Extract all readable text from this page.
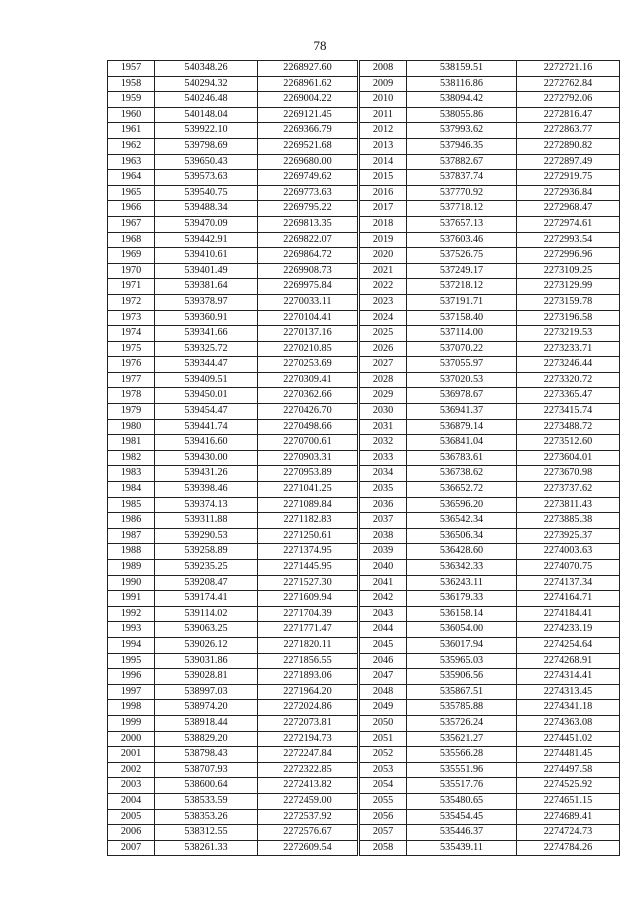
78
1957	540348.26	2268927.60
1958	540294.32	2268961.62
1959	540246.48	2269004.22
1960	540148.04	2269121.45
1961	539922.10	2269366.79
1962	539798.69	2269521.68
1963	539650.43	2269680.00
1964	539573.63	2269749.62
1965	539540.75	2269773.63
1966	539488.34	2269795.22
1967	539470.09	2269813.35
1968	539442.91	2269822.07
1969	539410.61	2269864.72
1970	539401.49	2269908.73
1971	539381.64	2269975.84
1972	539378.97	2270033.11
1973	539360.91	2270104.41
1974	539341.66	2270137.16
1975	539325.72	2270210.85
1976	539344.47	2270253.69
1977	539409.51	2270309.41
1978	539450.01	2270362.66
1979	539454.47	2270426.70
1980	539441.74	2270498.66
1981	539416.60	2270700.61
1982	539430.00	2270903.31
1983	539431.26	2270953.89
1984	539398.46	2271041.25
1985	539374.13	2271089.84
1986	539311.88	2271182.83
1987	539290.53	2271250.61
1988	539258.89	2271374.95
1989	539235.25	2271445.95
1990	539208.47	2271527.30
1991	539174.41	2271609.94
1992	539114.02	2271704.39
1993	539063.25	2271771.47
1994	539026.12	2271820.11
1995	539031.86	2271856.55
1996	539028.81	2271893.06
1997	538997.03	2271964.20
1998	538974.20	2272024.86
1999	538918.44	2272073.81
2000	538829.20	2272194.73
2001	538798.43	2272247.84
2002	538707.93	2272322.85
2003	538600.64	2272413.82
2004	538533.59	2272459.00
2005	538353.26	2272537.92
2006	538312.55	2272576.67
2007	538261.33	2272609.54
2008	538159.51	2272721.16
2009	538116.86	2272762.84
2010	538094.42	2272792.06
2011	538055.86	2272816.47
2012	537993.62	2272863.77
2013	537946.35	2272890.82
2014	537882.67	2272897.49
2015	537837.74	2272919.75
2016	537770.92	2272936.84
2017	537718.12	2272968.47
2018	537657.13	2272974.61
2019	537603.46	2272993.54
2020	537526.75	2272996.96
2021	537249.17	2273109.25
2022	537218.12	2273129.99
2023	537191.71	2273159.78
2024	537158.40	2273196.58
2025	537114.00	2273219.53
2026	537070.22	2273233.71
2027	537055.97	2273246.44
2028	537020.53	2273320.72
2029	536978.67	2273365.47
2030	536941.37	2273415.74
2031	536879.14	2273488.72
2032	536841.04	2273512.60
2033	536783.61	2273604.01
2034	536738.62	2273670.98
2035	536652.72	2273737.62
2036	536596.20	2273811.43
2037	536542.34	2273885.38
2038	536506.34	2273925.37
2039	536428.60	2274003.63
2040	536342.33	2274070.75
2041	536243.11	2274137.34
2042	536179.33	2274164.71
2043	536158.14	2274184.41
2044	536054.00	2274233.19
2045	536017.94	2274254.64
2046	535965.03	2274268.91
2047	535906.56	2274314.41
2048	535867.51	2274313.45
2049	535785.88	2274341.18
2050	535726.24	2274363.08
2051	535621.27	2274451.02
2052	535566.28	2274481.45
2053	535551.96	2274497.58
2054	535517.76	2274525.92
2055	535480.65	2274651.15
2056	535454.45	2274689.41
2057	535446.37	2274724.73
2058	535439.11	2274784.26
